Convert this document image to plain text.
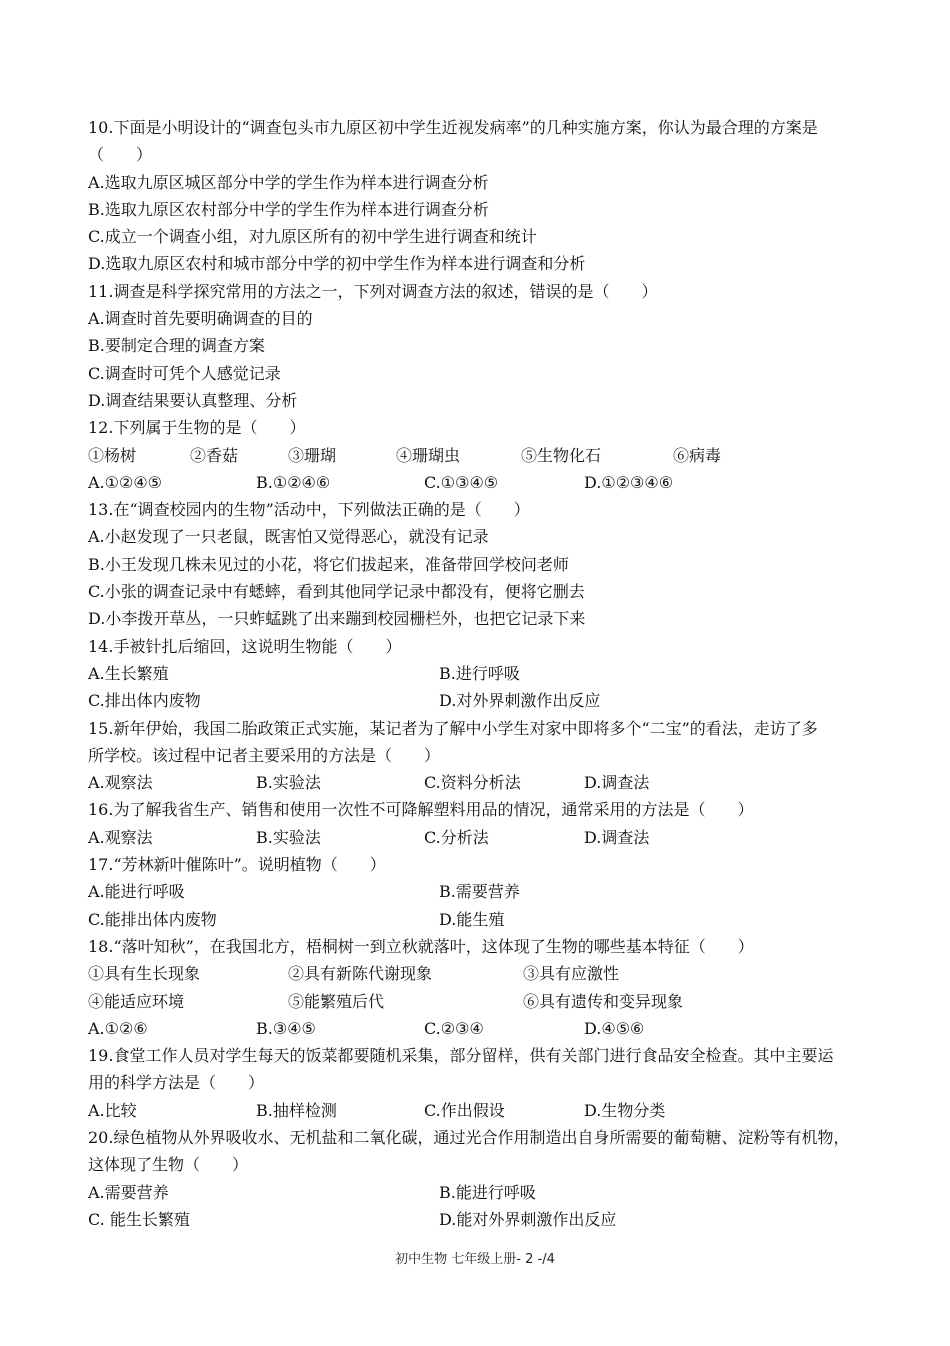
10.下面是小明设计的“调查包头市九原区初中学生近视发病率”的几种实施方案，你认为最合理的方案是
（　　）
A.选取九原区城区部分中学的学生作为样本进行调查分析
B.选取九原区农村部分中学的学生作为样本进行调查分析
C.成立一个调查小组，对九原区所有的初中学生进行调查和统计
D.选取九原区农村和城市部分中学的初中学生作为样本进行调查和分析
11.调查是科学探究常用的方法之一，下列对调查方法的叙述，错误的是（　　）
A.调查时首先要明确调查的目的
B.要制定合理的调查方案
C.调查时可凭个人感觉记录
D.调查结果要认真整理、分析
12.下列属于生物的是（　　）
①杨树	②香菇	③珊瑚	④珊瑚虫	⑤生物化石	⑥病毒
A.①②④⑤	B.①②④⑥	C.①③④⑤	D.①②③④⑥
13.在“调查校园内的生物”活动中，下列做法正确的是（　　）
A.小赵发现了一只老鼠，既害怕又觉得恶心，就没有记录
B.小王发现几株未见过的小花，将它们拔起来，准备带回学校问老师
C.小张的调查记录中有蟋蟀，看到其他同学记录中都没有，便将它删去
D.小李拨开草丛，一只蚱蜢跳了出来蹦到校园栅栏外，也把它记录下来
14.手被针扎后缩回，这说明生物能（　　）
A.生长繁殖	B.进行呼吸
C.排出体内废物	D.对外界刺激作出反应
15.新年伊始，我国二胎政策正式实施，某记者为了解中小学生对家中即将多个“二宝”的看法，走访了多
所学校。该过程中记者主要采用的方法是（　　）
A.观察法	B.实验法	C.资料分析法	D.调查法
16.为了解我省生产、销售和使用一次性不可降解塑料用品的情况，通常采用的方法是（　　）
A.观察法	B.实验法	C.分析法	D.调查法
17.“芳林新叶催陈叶”。说明植物（　　）
A.能进行呼吸	B.需要营养
C.能排出体内废物	D.能生殖
18.“落叶知秋”，在我国北方，梧桐树一到立秋就落叶，这体现了生物的哪些基本特征（　　）
①具有生长现象	②具有新陈代谢现象	③具有应激性
④能适应环境	⑤能繁殖后代	⑥具有遗传和变异现象
A.①②⑥	B.③④⑤	C.②③④	D.④⑤⑥
19.食堂工作人员对学生每天的饭菜都要随机采集，部分留样，供有关部门进行食品安全检查。其中主要运
用的科学方法是（　　）
A.比较	B.抽样检测	C.作出假设	D.生物分类
20.绿色植物从外界吸收水、无机盐和二氧化碳，通过光合作用制造出自身所需要的葡萄糖、淀粉等有机物，
这体现了生物（　　）
A.需要营养	B.能进行呼吸
C. 能生长繁殖	D.能对外界刺激作出反应
初中生物 七年级上册- 2 -/4
